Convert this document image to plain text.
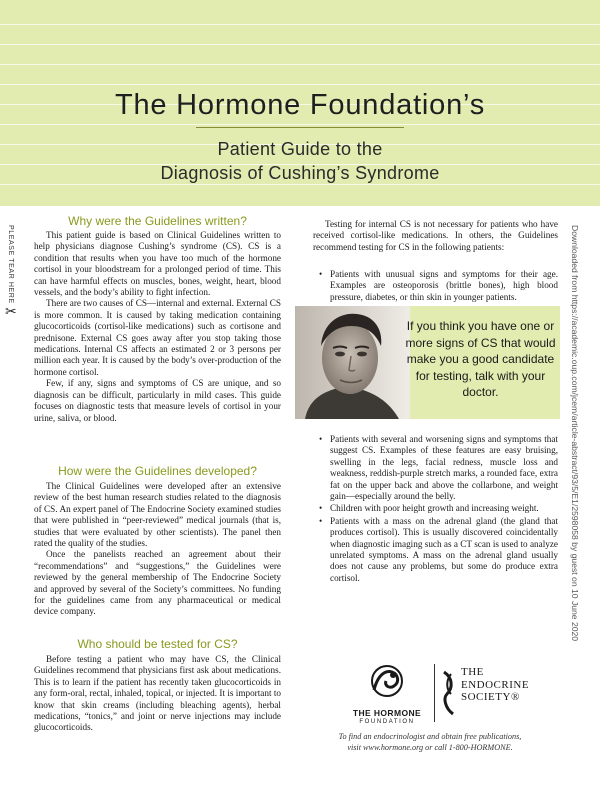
The Hormone Foundation’s
Patient Guide to the
Diagnosis of Cushing’s Syndrome
PLEASE TEAR HERE
✂	Downloaded from https://academic.oup.com/jcem/article-abstract/93/5/E1/2598058 by guest on 10 June 2020
Why were the Guidelines written?

This patient guide is based on Clinical Guidelines written to help physicians diagnose Cushing’s syndrome (CS). CS is a condition that results when you have too much of the hormone cortisol in your bloodstream for a prolonged period of time. This can have harmful effects on muscles, bones, weight, heart, blood vessels, and the body’s ability to fight infection.

There are two causes of CS—internal and external. External CS is more common. It is caused by taking medication containing glucocorticoids (cortisol-like medications) such as cortisone and prednisone. External CS goes away after you stop taking those medications. Internal CS affects an estimated 2 or 3 persons per million each year. It is caused by the body’s over-production of the hormone cortisol.

Few, if any, signs and symptoms of CS are unique, and so diagnosis can be difficult, particularly in mild cases. This guide focuses on diagnostic tests that measure levels of cortisol in your urine, saliva, or blood.

How were the Guidelines developed?

The Clinical Guidelines were developed after an extensive review of the best human research studies related to the diagnosis of CS. An expert panel of The Endocrine Society examined studies that were published in “peer-reviewed” medical journals (that is, studies that were evaluated by other scientists). The panel then rated the quality of the studies.

Once the panelists reached an agreement about their “recommendations” and “suggestions,” the Guidelines were reviewed by the general membership of The Endocrine Society and approved by several of the Society’s committees. No funding for the guidelines came from any pharmaceutical or medical device company.

Who should be tested for CS?

Before testing a patient who may have CS, the Clinical Guidelines recommend that physicians first ask about medications. This is to learn if the patient has recently taken glucocorticoids in any form-oral, rectal, inhaled, topical, or injected. It is important to know that skin creams (including bleaching agents), herbal medications, “tonics,” and joint or nerve injections may include glucocorticoids.

Testing for internal CS is not necessary for patients who have received cortisol-like medications. In others, the Guidelines recommend testing for CS in the following patients:

• Patients with unusual signs and symptoms for their age. Examples are osteoporosis (brittle bones), high blood pressure, diabetes, or thin skin in younger patients.
If you think you have one or more signs of CS that would make you a good candidate for testing, talk with your doctor.
• Patients with several and worsening signs and symptoms that suggest CS. Examples of these features are easy bruising, swelling in the legs, facial redness, muscle loss and weakness, reddish-purple stretch marks, a rounded face, extra fat on the upper back and above the collarbone, and weight gain—especially around the belly.
• Children with poor height growth and increasing weight.
• Patients with a mass on the adrenal gland (the gland that produces cortisol). This is usually discovered coincidentally when diagnostic imaging such as a CT scan is used to analyze unrelated symptoms. A mass on the adrenal gland usually does not cause any problems, but some do produce extra cortisol.
THE HORMONE
FOUNDATION
THE
ENDOCRINE
SOCIETY®
To find an endocrinologist and obtain free publications,
visit www.hormone.org or call 1-800-HORMONE.
